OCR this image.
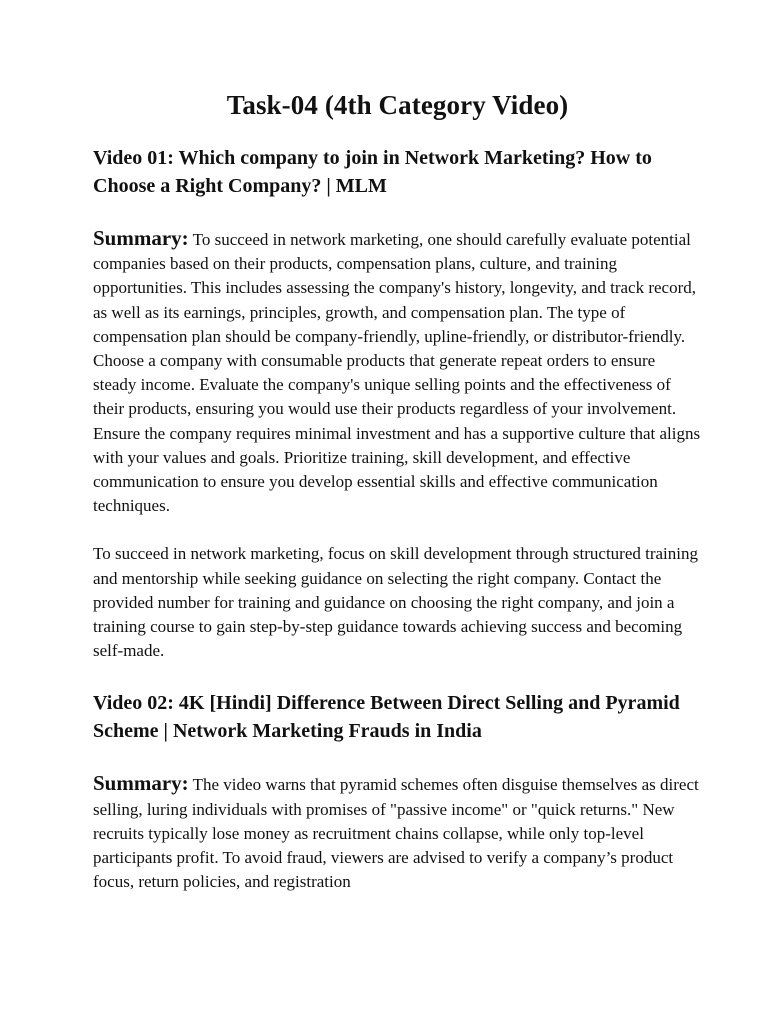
Task-04 (4th Category Video)
Video 01: Which company to join in Network Marketing? How to Choose a Right Company? | MLM

Summary: To succeed in network marketing, one should carefully evaluate potential companies based on their products, compensation plans, culture, and training opportunities. This includes assessing the company's history, longevity, and track record, as well as its earnings, principles, growth, and compensation plan. The type of compensation plan should be company-friendly, upline-friendly, or distributor-friendly. Choose a company with consumable products that generate repeat orders to ensure steady income. Evaluate the company's unique selling points and the effectiveness of their products, ensuring you would use their products regardless of your involvement. Ensure the company requires minimal investment and has a supportive culture that aligns with your values and goals. Prioritize training, skill development, and effective communication to ensure you develop essential skills and effective communication techniques.

To succeed in network marketing, focus on skill development through structured training and mentorship while seeking guidance on selecting the right company. Contact the provided number for training and guidance on choosing the right company, and join a training course to gain step-by-step guidance towards achieving success and becoming self-made.

Video 02: 4K [Hindi] Difference Between Direct Selling and Pyramid Scheme | Network Marketing Frauds in India

Summary: The video warns that pyramid schemes often disguise themselves as direct selling, luring individuals with promises of "passive income" or "quick returns." New recruits typically lose money as recruitment chains collapse, while only top-level participants profit. To avoid fraud, viewers are advised to verify a company’s product focus, return policies, and registration
